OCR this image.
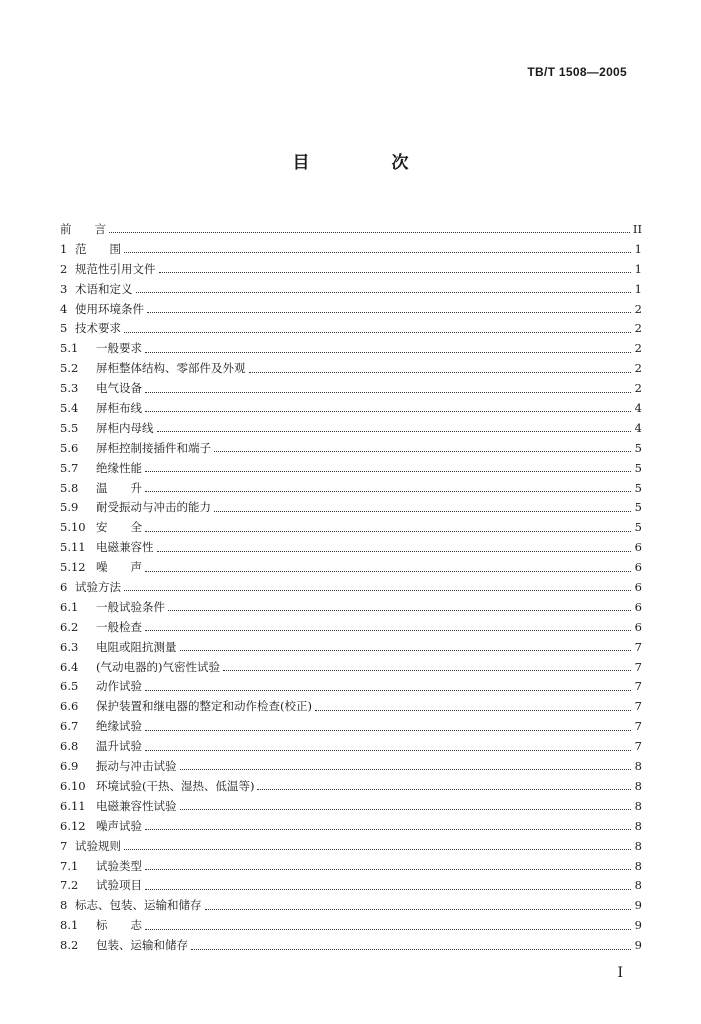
TB/T 1508—2005
目 次
前　　言	II
1 范　　围	1
2 规范性引用文件	1
3 术语和定义	1
4 使用环境条件	2
5 技术要求	2
5.1	一般要求	2
5.2	屏柜整体结构、零部件及外观	2
5.3	电气设备	2
5.4	屏柜布线	4
5.5	屏柜内母线	4
5.6	屏柜控制接插件和端子	5
5.7	绝缘性能	5
5.8	温　　升	5
5.9	耐受振动与冲击的能力	5
5.10 安　　全	5
5.11 电磁兼容性	6
5.12 噪　　声	6
6 试验方法	6
6.1	一般试验条件	6
6.2	一般检查	6
6.3	电阻或阻抗测量	7
6.4	(气动电器的)气密性试验	7
6.5	动作试验	7
6.6	保护装置和继电器的整定和动作检查(校正)	7
6.7	绝缘试验	7
6.8	温升试验	7
6.9	振动与冲击试验	8
6.10 环境试验(干热、湿热、低温等)	8
6.11 电磁兼容性试验	8
6.12 噪声试验	8
7 试验规则	8
7.1	试验类型	8
7.2	试验项目	8
8 标志、包装、运输和储存	9
8.1	标　　志	9
8.2	包装、运输和储存	9
I
